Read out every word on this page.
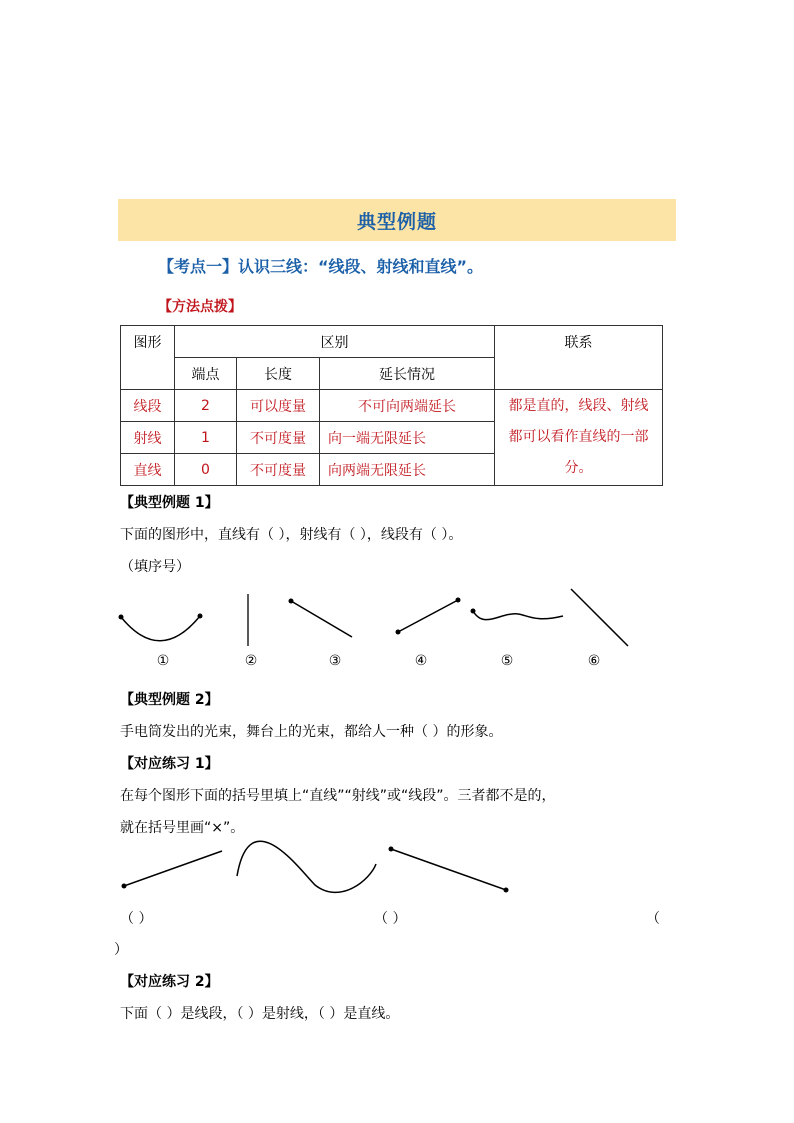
典型例题
【考点一】认识三线：“线段、射线和直线”。
【方法点拨】
图形	区别			联系
	端点	长度	延长情况	
线段	2	可以度量	不可向两端延长	都是直的，线段、射线都可以看作直线的一部分。
射线	1	不可度量	向一端无限延长	
直线	0	不可度量	向两端无限延长	
【典型例题 1】
下面的图形中，直线有（ ），射线有（ ），线段有（ ）。
（填序号）
①	②	③	④	⑤	⑥
【典型例题 2】
手电筒发出的光束，舞台上的光束，都给人一种（ ）的形象。
【对应练习 1】
在每个图形下面的括号里填上“直线”“射线”或“线段”。三者都不是的，
就在括号里画“×”。
（ ）	（ ）	（
）
【对应练习 2】
下面（ ）是线段，（ ）是射线，（ ）是直线。
